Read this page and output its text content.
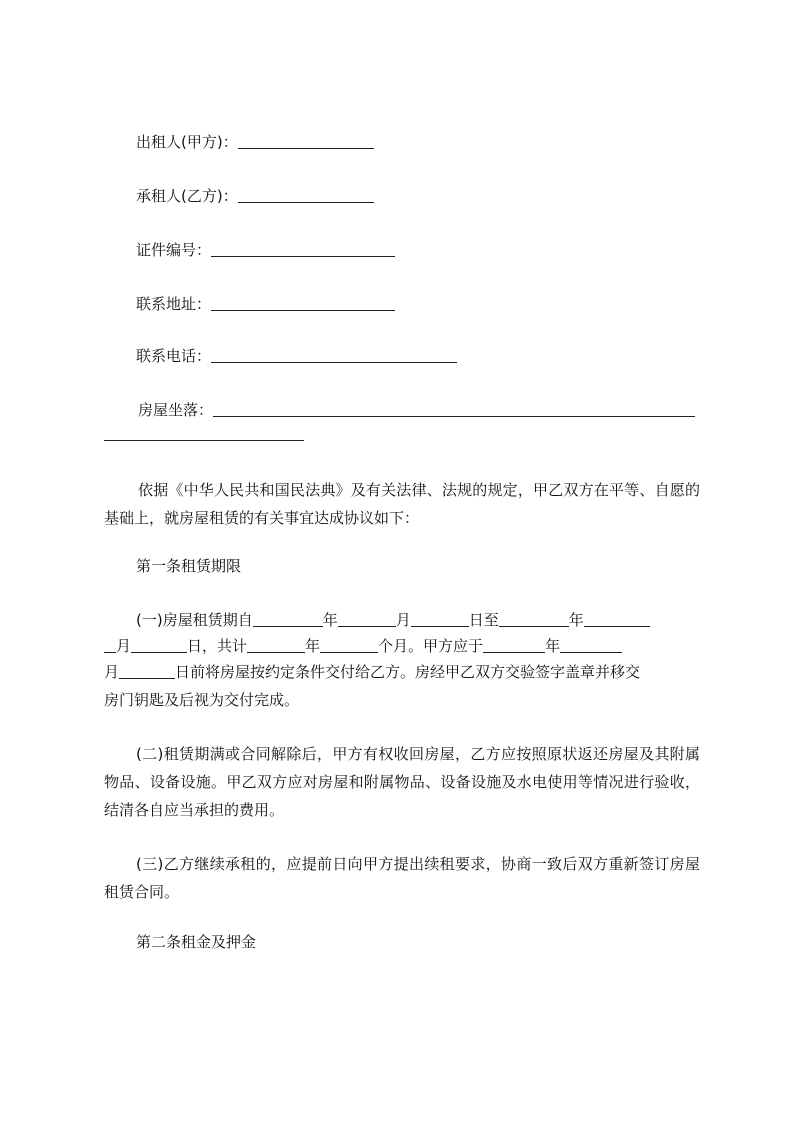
出租人(甲方)：
承租人(乙方)：
证件编号：
联系地址：
联系电话：
房屋坐落：
依据《中华人民共和国民法典》及有关法律、法规的规定，甲乙双方在平等、自愿的基础上，就房屋租赁的有关事宜达成协议如下：
第一条租赁期限
(一)房屋租赁期自	年	月	日至	年
月	日，共计	年	个月。甲方应于	年
月	日前将房屋按约定条件交付给乙方。房经甲乙双方交验签字盖章并移交
房门钥匙及后视为交付完成。
(二)租赁期满或合同解除后，甲方有权收回房屋，乙方应按照原状返还房屋及其附属物品、设备设施。甲乙双方应对房屋和附属物品、设备设施及水电使用等情况进行验收，结清各自应当承担的费用。
(三)乙方继续承租的，应提前日向甲方提出续租要求，协商一致后双方重新签订房屋租赁合同。
第二条租金及押金
